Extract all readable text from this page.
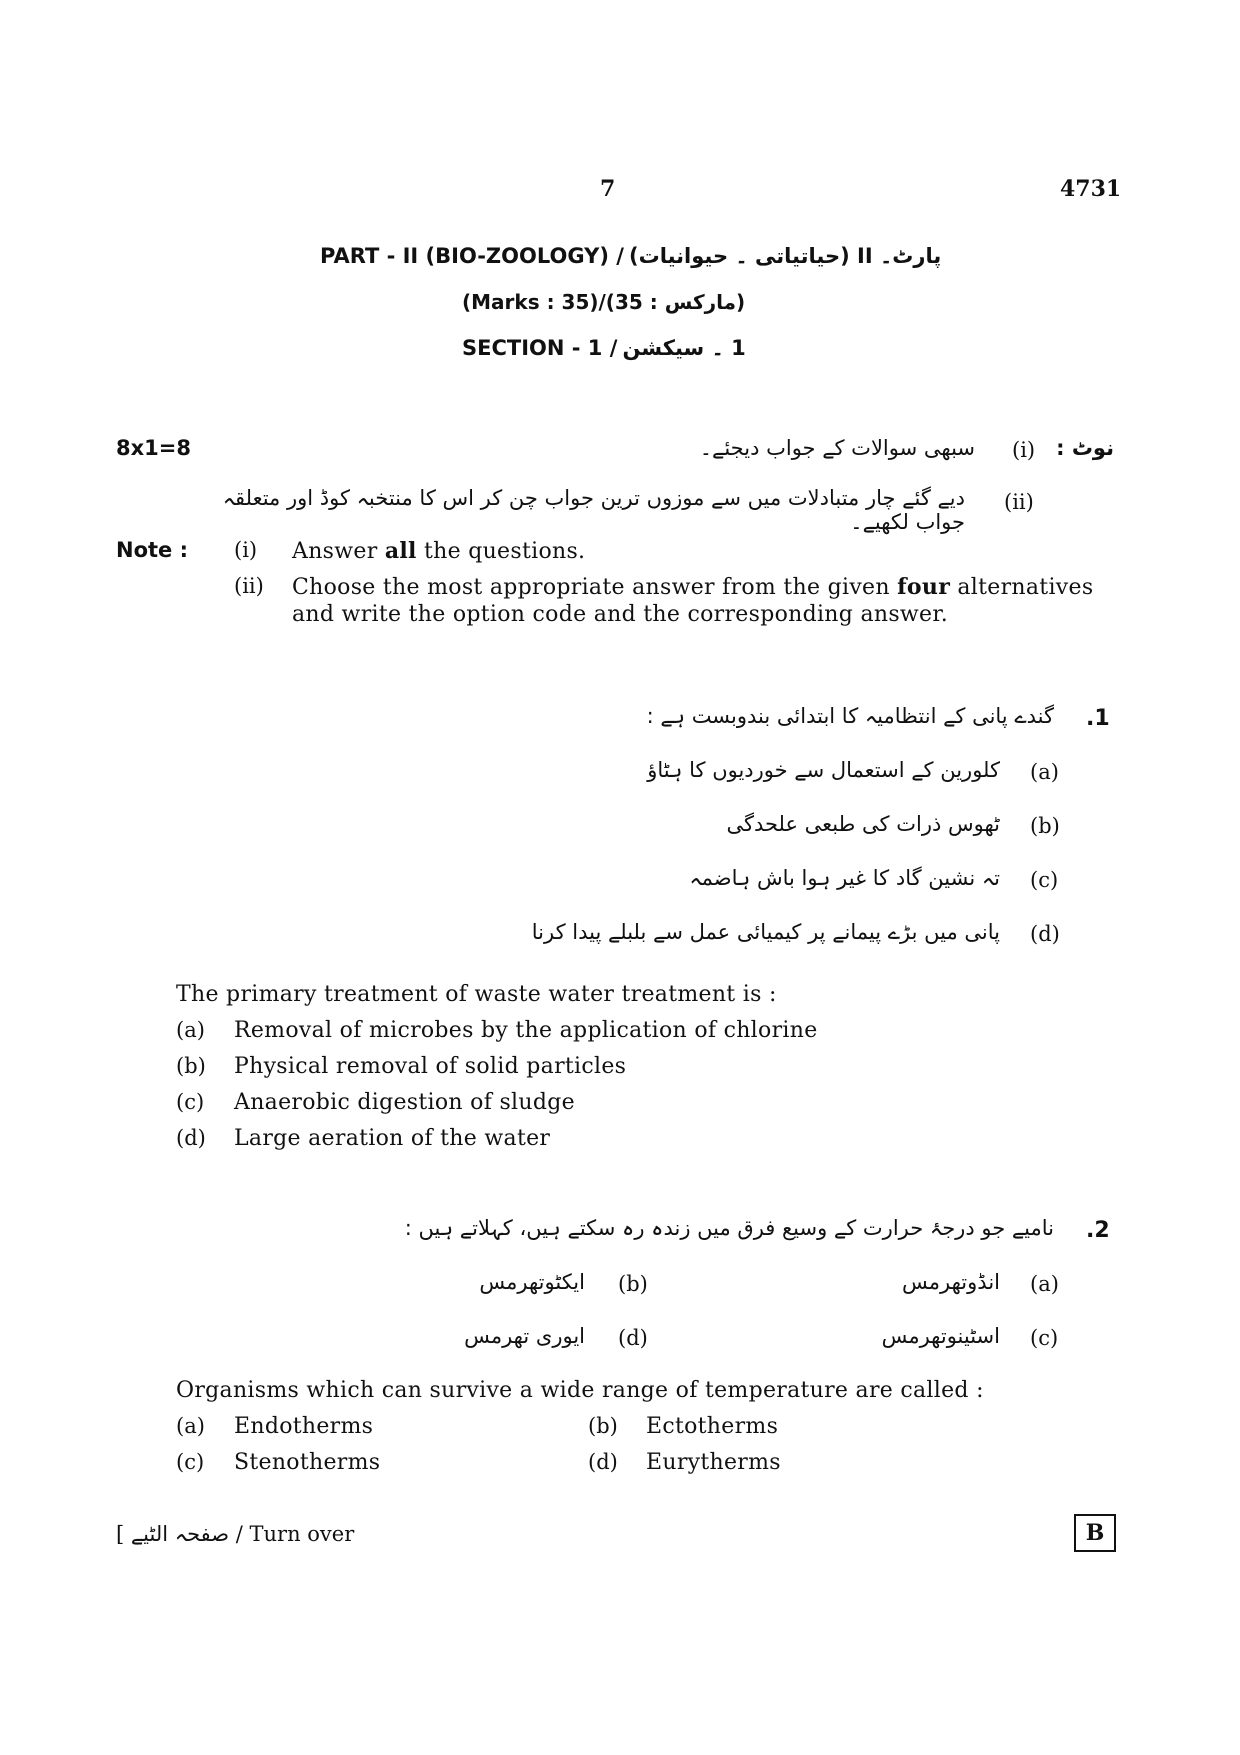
7	4731
PART - II (BIO-ZOOLOGY) / پارٹ۔ II (حیاتیاتی ۔ حیوانیات)
(Marks : 35)/(35 : مارکس)
SECTION - 1 / 1 ۔ سیکشن
8x1=8	نوٹ :
(i)
سبھی سوالات کے جواب دیجئے۔
(ii)
دیے گئے چار متبادلات میں سے موزوں ترین جواب چن کر اس کا منتخبہ کوڈ اور متعلقہ جواب لکھیے۔
Note : (i) Answer all the questions.
(ii) Choose the most appropriate answer from the given four alternatives
and write the option code and the corresponding answer.
.1
گندے پانی کے انتظامیہ کا ابتدائی بندوبست ہے :
(a)
کلورین کے استعمال سے خوردیوں کا ہٹاؤ
(b)
ٹھوس ذرات کی طبعی علحدگی
(c)
تہ نشین گاد کا غیر ہوا باش ہاضمہ
(d)
پانی میں بڑے پیمانے پر کیمیائی عمل سے بلبلے پیدا کرنا
The primary treatment of waste water treatment is :
(a) Removal of microbes by the application of chlorine
(b) Physical removal of solid particles
(c) Anaerobic digestion of sludge
(d) Large aeration of the water
.2
نامیے جو درجۂ حرارت کے وسیع فرق میں زندہ رہ سکتے ہیں، کہلاتے ہیں :
(a)
انڈوتھرمس
(b)
ایکٹوتھرمس
(c)
اسٹینوتھرمس
(d)
ایوری تھرمس
Organisms which can survive a wide range of temperature are called :
(a) Endotherms	(b) Ectotherms
(c) Stenotherms	(d) Eurytherms
[ صفحہ الٹیے / Turn over	B
